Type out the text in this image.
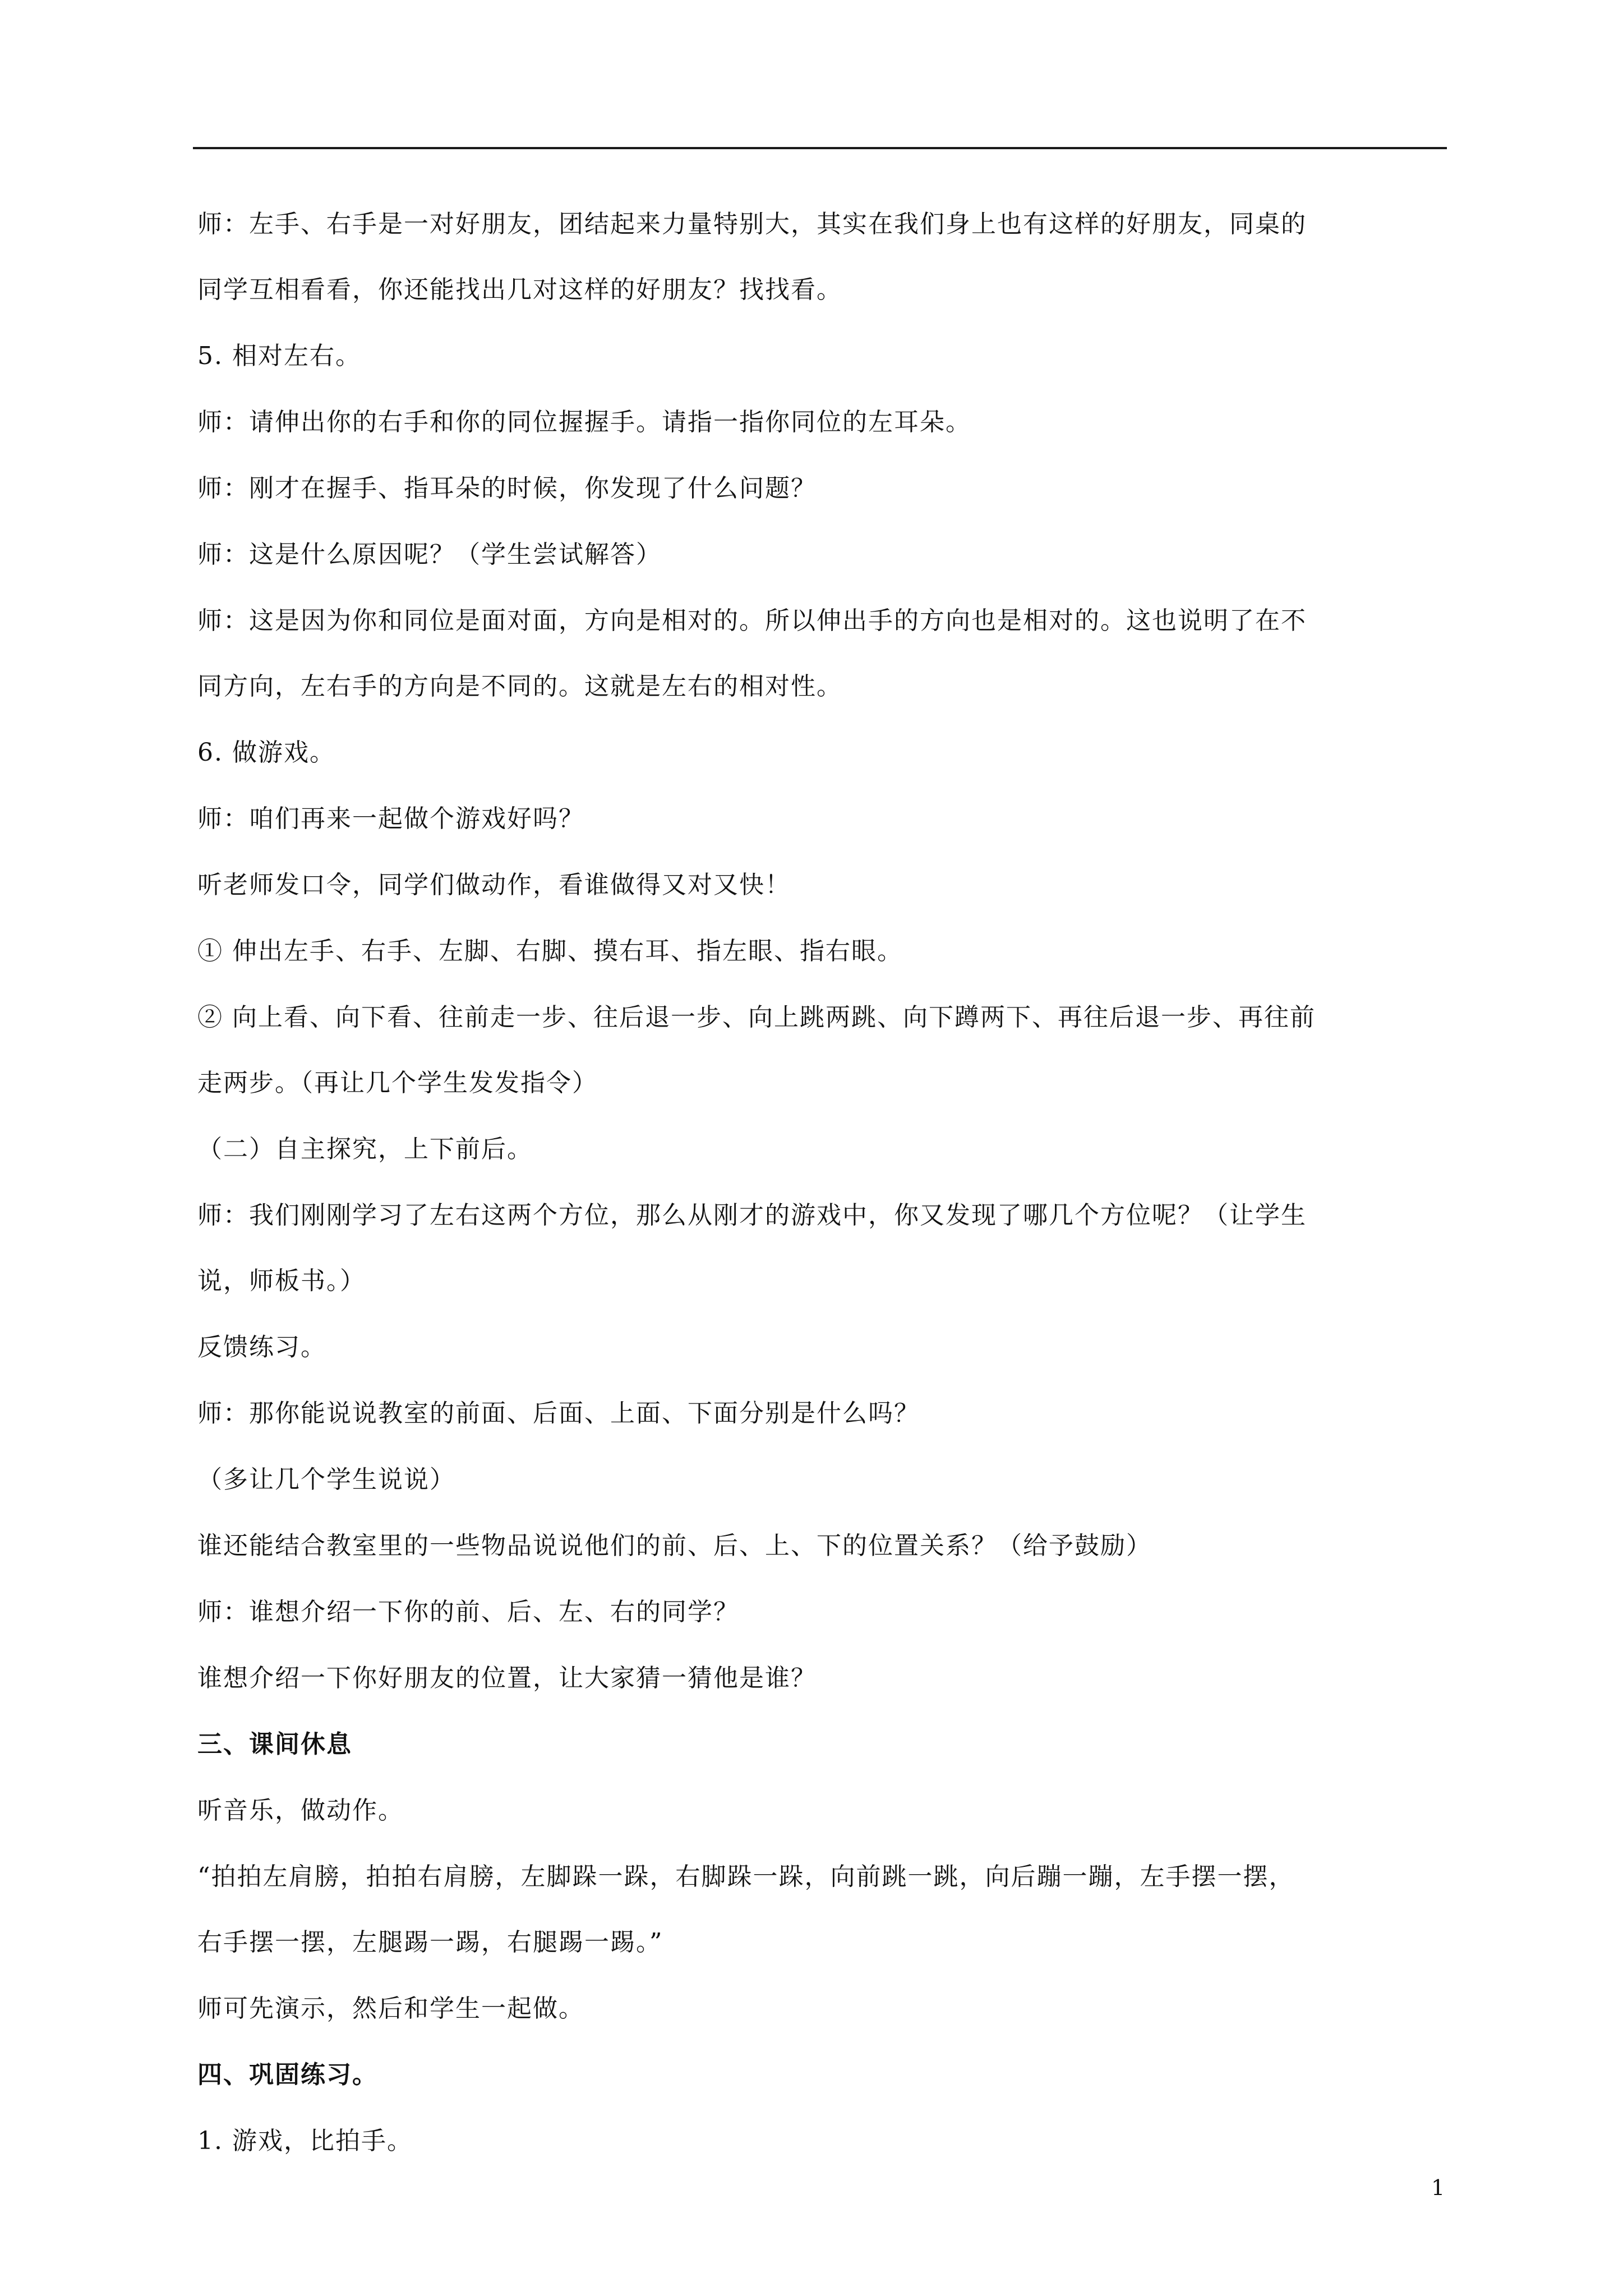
师：左手、右手是一对好朋友，团结起来力量特别大，其实在我们身上也有这样的好朋友，同桌的
同学互相看看，你还能找出几对这样的好朋友？找找看。

5. 相对左右。

师：请伸出你的右手和你的同位握握手。请指一指你同位的左耳朵。

师：刚才在握手、指耳朵的时候，你发现了什么问题？

师：这是什么原因呢？（学生尝试解答）

师：这是因为你和同位是面对面，方向是相对的。所以伸出手的方向也是相对的。这也说明了在不
同方向，左右手的方向是不同的。这就是左右的相对性。

6. 做游戏。

师：咱们再来一起做个游戏好吗？

听老师发口令，同学们做动作，看谁做得又对又快！

① 伸出左手、右手、左脚、右脚、摸右耳、指左眼、指右眼。

② 向上看、向下看、往前走一步、往后退一步、向上跳两跳、向下蹲两下、再往后退一步、再往前
走两步。（再让几个学生发发指令）

（二）自主探究，上下前后。

师：我们刚刚学习了左右这两个方位，那么从刚才的游戏中，你又发现了哪几个方位呢？（让学生
说，师板书。）

反馈练习。

师：那你能说说教室的前面、后面、上面、下面分别是什么吗？

（多让几个学生说说）

谁还能结合教室里的一些物品说说他们的前、后、上、下的位置关系？（给予鼓励）

师：谁想介绍一下你的前、后、左、右的同学？

谁想介绍一下你好朋友的位置，让大家猜一猜他是谁？

三、课间休息

听音乐，做动作。

“拍拍左肩膀，拍拍右肩膀，左脚跺一跺，右脚跺一跺，向前跳一跳，向后蹦一蹦，左手摆一摆，
右手摆一摆，左腿踢一踢，右腿踢一踢。”

师可先演示，然后和学生一起做。

四、巩固练习。

1. 游戏，比拍手。

1
